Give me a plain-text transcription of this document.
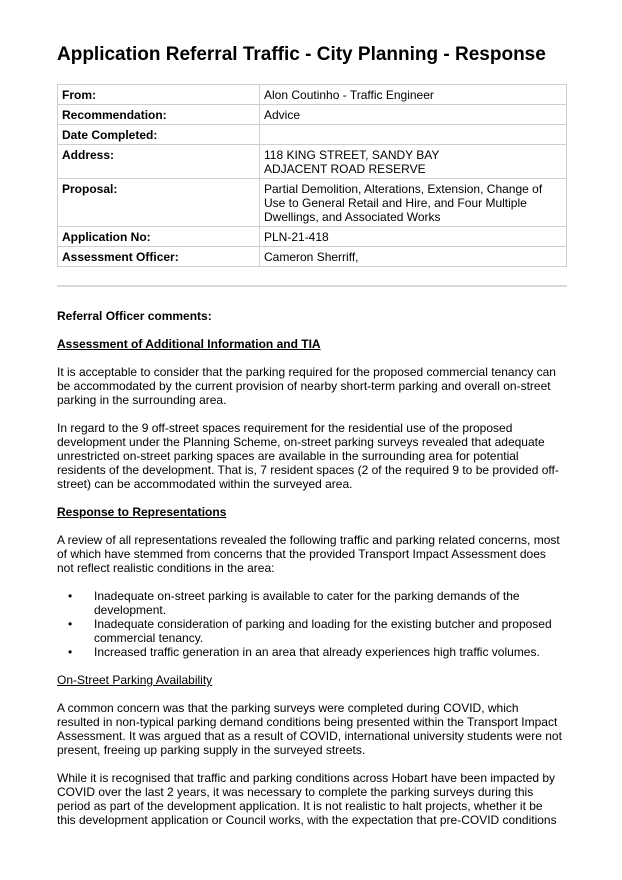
Application Referral Traffic - City Planning - Response
From:	Alon Coutinho - Traffic Engineer

Recommendation:	Advice

Date Completed:	

Address:	118 KING STREET, SANDY BAY
ADJACENT ROAD RESERVE

Proposal:	Partial Demolition, Alterations, Extension, Change of
Use to General Retail and Hire, and Four Multiple
Dwellings, and Associated Works

Application No:	PLN-21-418

Assessment Officer:	Cameron Sherriff,
Referral Officer comments:
Assessment of Additional Information and TIA
It is acceptable to consider that the parking required for the proposed commercial tenancy can
be accommodated by the current provision of nearby short-term parking and overall on-street
parking in the surrounding area.
In regard to the 9 off-street spaces requirement for the residential use of the proposed
development under the Planning Scheme, on-street parking surveys revealed that adequate
unrestricted on-street parking spaces are available in the surrounding area for potential
residents of the development. That is, 7 resident spaces (2 of the required 9 to be provided off-
street) can be accommodated within the surveyed area.
Response to Representations
A review of all representations revealed the following traffic and parking related concerns, most
of which have stemmed from concerns that the provided Transport Impact Assessment does
not reflect realistic conditions in the area:
• Inadequate on-street parking is available to cater for the parking demands of the
development.
• Inadequate consideration of parking and loading for the existing butcher and proposed
commercial tenancy.
• Increased traffic generation in an area that already experiences high traffic volumes.
On-Street Parking Availability
A common concern was that the parking surveys were completed during COVID, which
resulted in non-typical parking demand conditions being presented within the Transport Impact
Assessment. It was argued that as a result of COVID, international university students were not
present, freeing up parking supply in the surveyed streets.
While it is recognised that traffic and parking conditions across Hobart have been impacted by
COVID over the last 2 years, it was necessary to complete the parking surveys during this
period as part of the development application. It is not realistic to halt projects, whether it be
this development application or Council works, with the expectation that pre-COVID conditions
